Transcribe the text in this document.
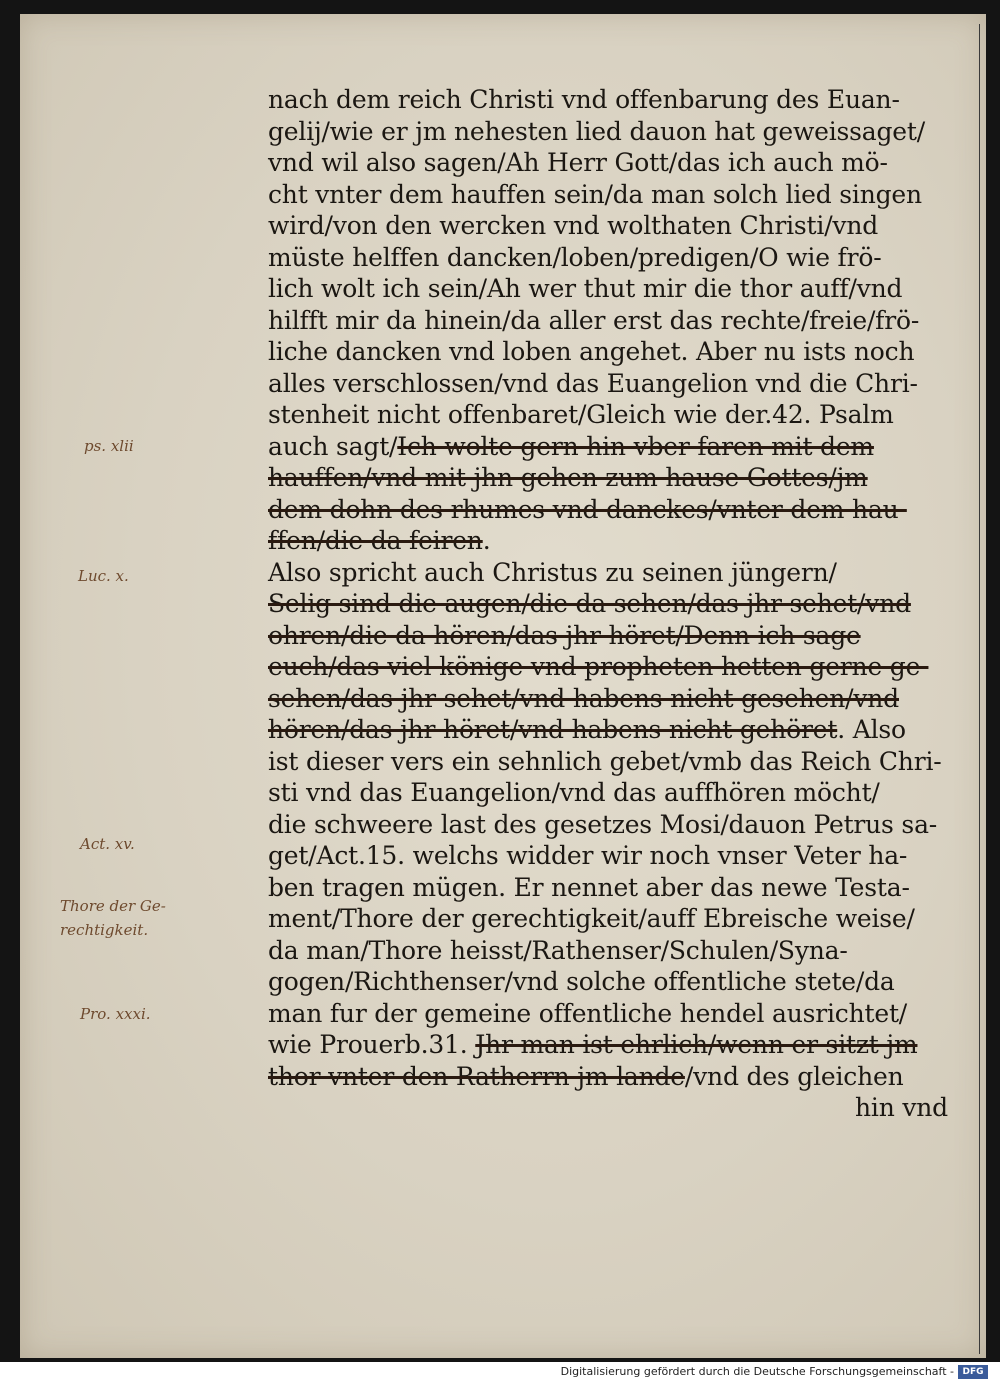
nach dem reich Christi vnd offenbarung des Euan-
gelij/wie er jm nehesten lied dauon hat geweissaget/
vnd wil also sagen/Ah Herr Gott/das ich auch mö-
cht vnter dem hauffen sein/da man solch lied singen
wird/von den wercken vnd wolthaten Christi/vnd
müste helffen dancken/loben/predigen/O wie frö-
lich wolt ich sein/Ah wer thut mir die thor auff/vnd
hilfft mir da hinein/da aller erst das rechte/freie/frö-
liche dancken vnd loben angehet. Aber nu ists noch
alles verschlossen/vnd das Euangelion vnd die Chri-
stenheit nicht offenbaret/Gleich wie der.42. Psalm
auch sagt/Ich wolte gern hin vber faren mit dem
hauffen/vnd mit jhn gehen zum hause Gottes/jm
dem dohn des rhumes vnd danckes/vnter dem hau-
ffen/die da feiren.
Also spricht auch Christus zu seinen jüngern/
Selig sind die augen/die da sehen/das jhr sehet/vnd
ohren/die da hören/das jhr höret/Denn ich sage
euch/das viel könige vnd propheten hetten gerne ge-
sehen/das jhr sehet/vnd habens nicht gesehen/vnd
hören/das jhr höret/vnd habens nicht gehöret. Also
ist dieser vers ein sehnlich gebet/vmb das Reich Chri-
sti vnd das Euangelion/vnd das auffhören möcht/
die schweere last des gesetzes Mosi/dauon Petrus sa-
get/Act.15. welchs widder wir noch vnser Veter ha-
ben tragen mügen. Er nennet aber das newe Testa-
ment/Thore der gerechtigkeit/auff Ebreische weise/
da man/Thore heisst/Rathenser/Schulen/Syna-
gogen/Richthenser/vnd solche offentliche stete/da
man fur der gemeine offentliche hendel ausrichtet/
wie Prouerb.31. Jhr man ist ehrlich/wenn er sitzt jm
thor vnter den Ratherrn jm lande/vnd des gleichen
hin vnd
ps. xlii
Luc. x.
Act. xv.
Thore der Ge-
rechtigkeit.
Pro. xxxi.
Digitalisierung gefördert durch die Deutsche Forschungsgemeinschaft - DFG
